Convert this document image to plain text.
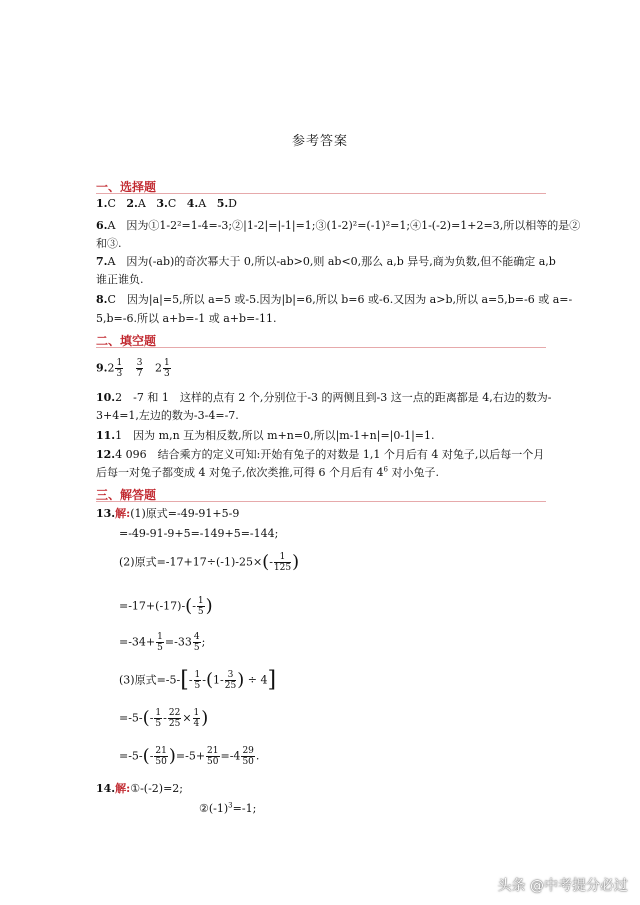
参考答案
一、选择题
1.C 2.A 3.C 4.A 5.D
6.A　因为①1-2²=1-4=-3;②|1-2|=|-1|=1;③(1-2)²=(-1)²=1;④1-(-2)=1+2=3,所以相等的是②
和③.
7.A　因为(-ab)的奇次幂大于 0,所以-ab>0,则 ab<0,那么 a,b 异号,商为负数,但不能确定 a,b
谁正谁负.
8.C　因为|a|=5,所以 a=5 或-5.因为|b|=6,所以 b=6 或-6.又因为 a>b,所以 a=5,b=-6 或 a=-
5,b=-6.所以 a+b=-1 或 a+b=-11.
二、填空题
$9.2 \frac{1}{3}$
$\frac{3}{7} 2 \frac{1}{3}$
10.2　-7 和 1　这样的点有 2 个,分别位于-3 的两侧且到-3 这一点的距离都是 4,右边的数为-
3+4=1,左边的数为-3-4=-7.
11.1　因为 m,n 互为相反数,所以 m+n=0,所以|m-1+n|=|0-1|=1.
12.4 096　结合乘方的定义可知:开始有兔子的对数是 1,1 个月后有 4 对兔子,以后每一个月
后每一对兔子都变成 4 对兔子,依次类推,可得 6 个月后有 $4^6$ 对小兔子.
三、解答题
13.解:(1)原式=-49-91+5-9
=-49-91-9+5=-149+5=-144;
(2)原式$=-17+17\div(-1)-25\times(- \frac{1}{125}$ )
$=-17+(-17)-(- \frac{1}{5}$ )
$=-34+ \frac{1}{5} =-33 \frac{4}{5}$ ;
(3)原式$=-5-[- \frac{1}{5} -(1- \frac{3}{25}$ ) ÷ 4]
$=-5-(- \frac{1}{5} - \frac{22}{25} \times \frac{1}{4}$ )
$=-5-(- \frac{21}{50} )=-5+ \frac{21}{50} =-4 \frac{29}{50}$ .
14.解:①-(-2)=2;
$②(-1)^3=-1$;
头条 @中考提分必过
